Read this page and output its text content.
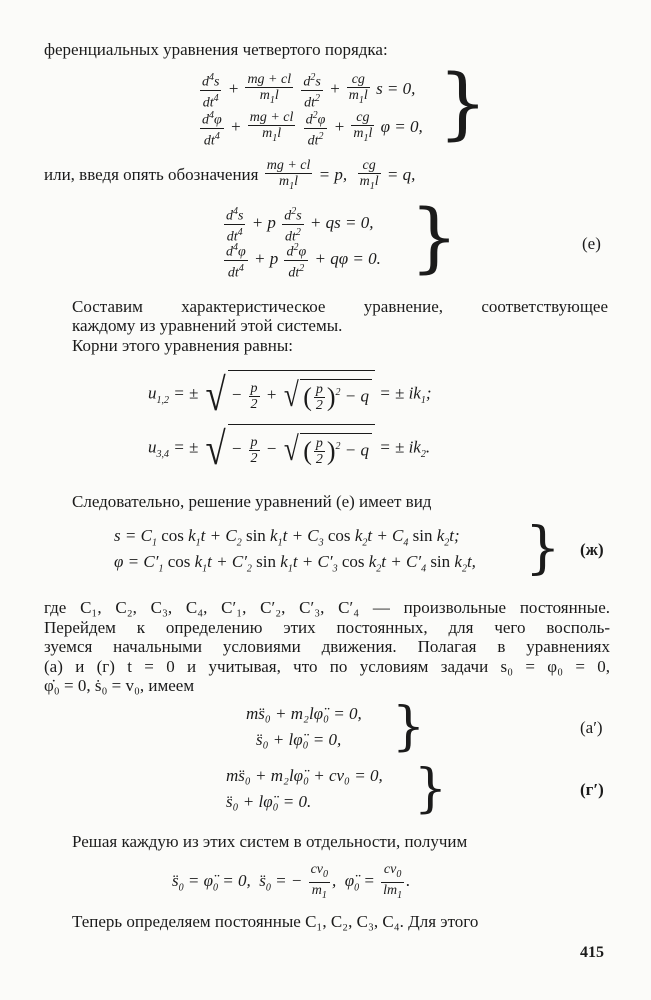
ференциальных уравнения четвертого порядка:
$\frac{d^4s}{dt^4} + \frac{mg + cl}{m_1l}$
$\frac{d^2s}{dt^2} + \frac{cg}{m_1l}$ s = 0,
$\frac{d^4\varphi}{dt^4} + \frac{mg + cl}{m_1l}$
$\frac{d^2\varphi}{dt^2} + \frac{cg}{m_1l}$ φ = 0, }
или, введя опять обозначения $\frac{mg + cl}{m_1l} = p$, $\frac{cg}{m_1l} = q$,
$\frac{d^4s}{dt^4} + p \frac{d^2s}{dt^2}$ + qs = 0,
$\frac{d^4\varphi}{dt^4} + p \frac{d^2\varphi}{dt^2} + q\varphi = 0$. }	(е)
Составим характеристическое уравнение, соответствующее
каждому из уравнений этой системы.
Корни этого уравнения равны:
$u_{1,2}$ = ± √− $\frac{p}{2}$ + √ ( $\frac{p}{2} )^2 - q$ = ± $ik_1$;
$u_{3,4}$ = ± √− $\frac{p}{2}$ − √ ( $\frac{p}{2} )^2 - q$ = ± $ik_2$.
Следовательно, решение уравнений (е) имеет вид
$s = C_1$ $\cos k_1t + C_2$ $\sin k_1t + C_3$ $\cos k_2t + C_4$ $\sin k_2t$;
$\varphi = C'_1$ $\cos k_1t + C'_2$ $\sin k_1t + C'_3$ $\cos k_2t + C'_4$ $\sin k_2t$, } (ж)
где C₁, C₂, C₃, C₄, C′₁, C′₂, C′₃, C′₄ — произвольные постоянные.
Перейдем к определению этих постоянных, для чего восполь-
зуемся начальными условиями движения. Полагая в уравнениях
(а) и (г) t = 0 и учитывая, что по условиям задачи s₀ = φ₀ = 0,
φ̇₀ = 0, ṡ₀ = v₀, имеем
ms̈₀ + m₂lφ̈₀ = 0,
s̈₀ + lφ̈₀ = 0, }	(а′)
ms̈₀ + m₂lφ̈₀ + cv₀ = 0,
s̈₀ + lφ̈₀ = 0. }	(г′)
Решая каждую из этих систем в отдельности, получим
$s̈_0$ = $\varphï_0 = 0$,  $s̈_0$ = − $\frac{cv_0}{m_1}$ ,  $\varphï_0 = \frac{cv_0}{lm_1}$ .
Теперь определяем постоянные C₁, C₂, C₃, C₄. Для этого
415
